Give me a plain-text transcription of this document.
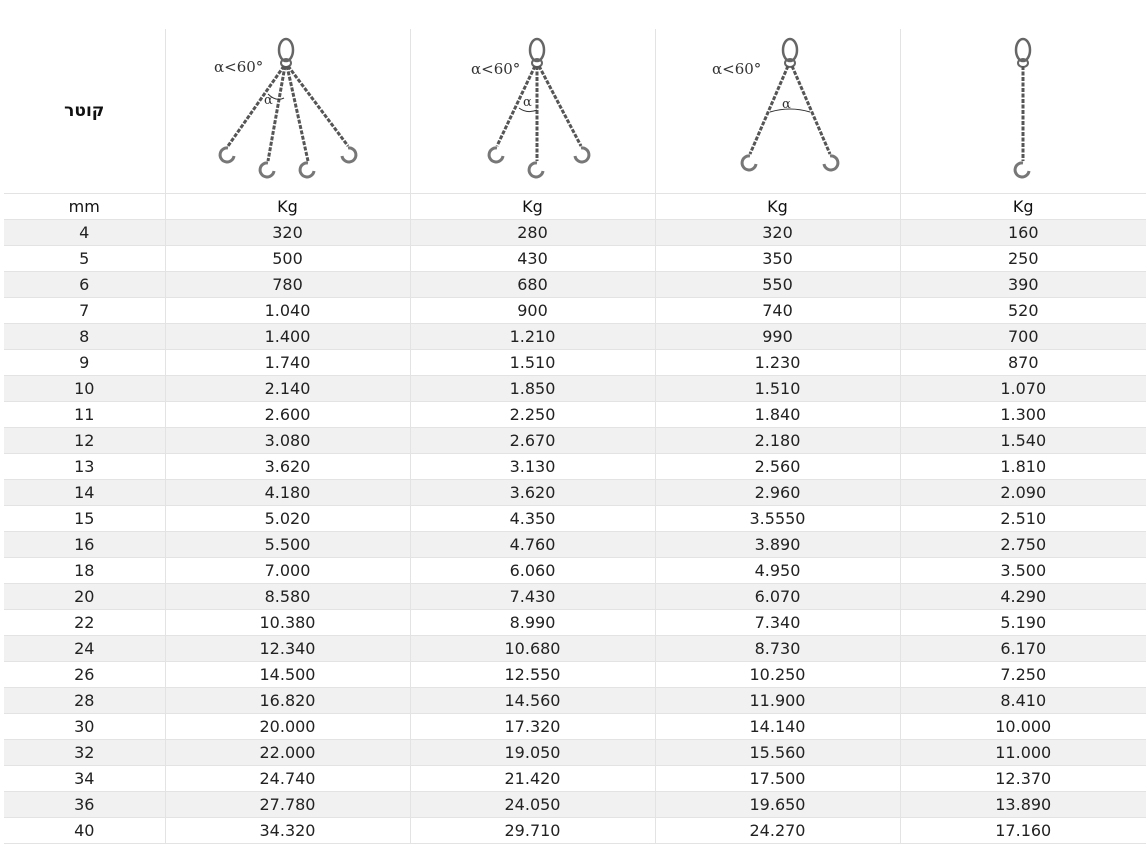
קוטר	α<60°
α	α<60°
α	α<60°
α

mm	Kg	Kg	Kg	Kg
4	320	280	320	160
5	500	430	350	250
6	780	680	550	390
7	1.040	900	740	520
8	1.400	1.210	990	700
9	1.740	1.510	1.230	870
10	2.140	1.850	1.510	1.070
11	2.600	2.250	1.840	1.300
12	3.080	2.670	2.180	1.540
13	3.620	3.130	2.560	1.810
14	4.180	3.620	2.960	2.090
15	5.020	4.350	3.5550	2.510
16	5.500	4.760	3.890	2.750
18	7.000	6.060	4.950	3.500
20	8.580	7.430	6.070	4.290
22	10.380	8.990	7.340	5.190
24	12.340	10.680	8.730	6.170
26	14.500	12.550	10.250	7.250
28	16.820	14.560	11.900	8.410
30	20.000	17.320	14.140	10.000
32	22.000	19.050	15.560	11.000
34	24.740	21.420	17.500	12.370
36	27.780	24.050	19.650	13.890
40	34.320	29.710	24.270	17.160
